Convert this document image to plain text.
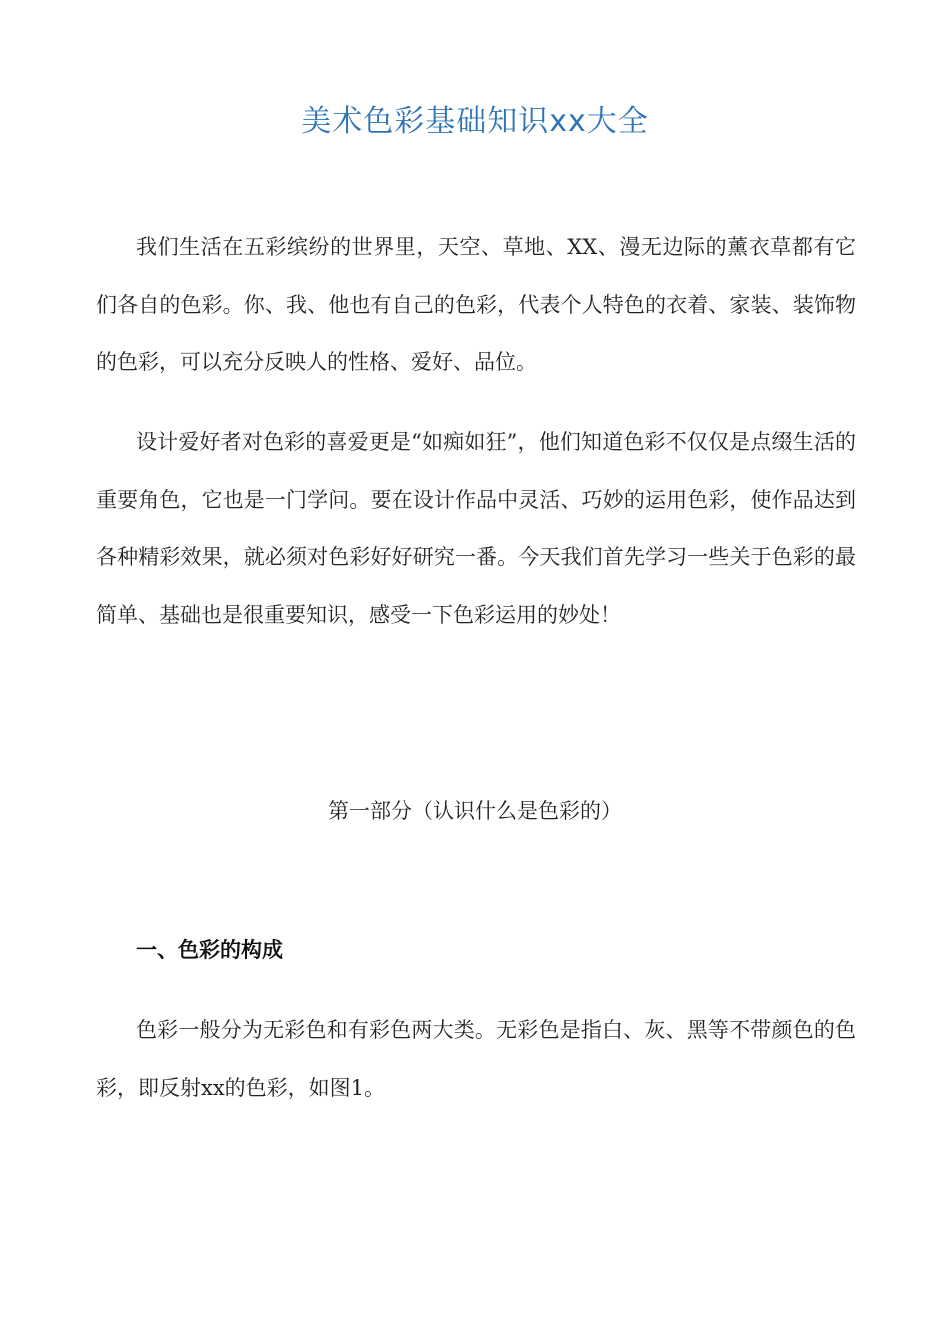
美术色彩基础知识xx大全

我们生活在五彩缤纷的世界里，天空、草地、XX、漫无边际的薰衣草都有它们各自的色彩。你、我、他也有自己的色彩，代表个人特色的衣着、家装、装饰物的色彩，可以充分反映人的性格、爱好、品位。

设计爱好者对色彩的喜爱更是“如痴如狂”，他们知道色彩不仅仅是点缀生活的重要角色，它也是一门学问。要在设计作品中灵活、巧妙的运用色彩，使作品达到各种精彩效果，就必须对色彩好好研究一番。今天我们首先学习一些关于色彩的最简单、基础也是很重要知识，感受一下色彩运用的妙处！

第一部分（认识什么是色彩的）
一、色彩的构成

色彩一般分为无彩色和有彩色两大类。无彩色是指白、灰、黑等不带颜色的色彩，即反射xx的色彩，如图1。
